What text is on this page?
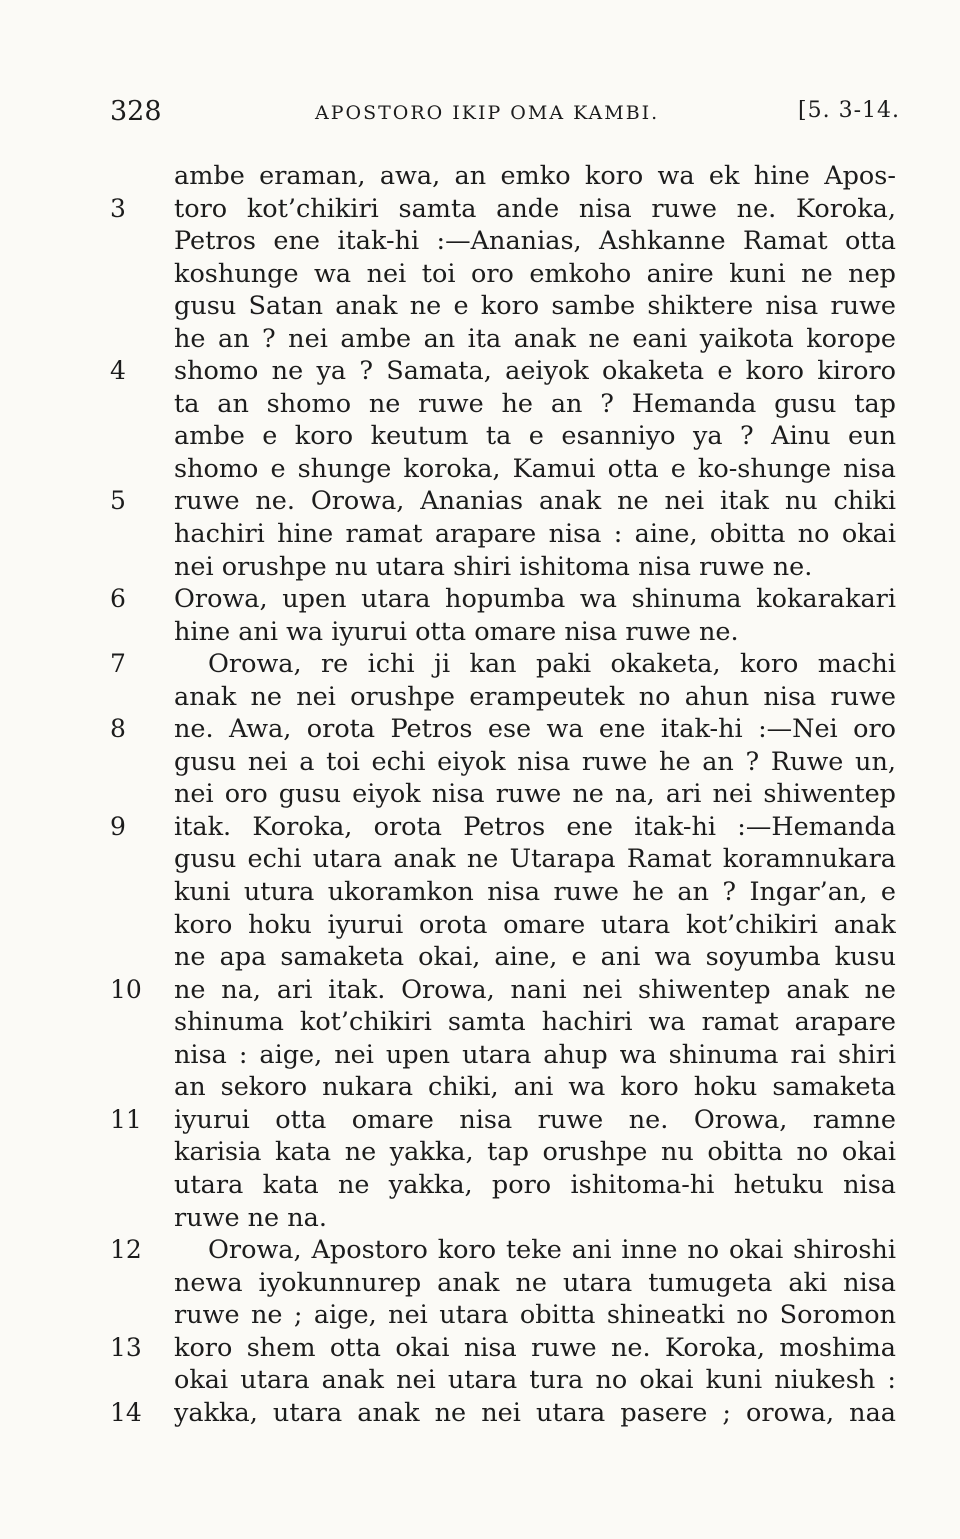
328	APOSTORO IKIP OMA KAMBI.	[5. 3-14.
ambe eraman, awa, an emko koro wa ek hine Apos-
3	toro kot’chikiri samta ande nisa ruwe ne. Koroka,
Petros ene itak-hi :—Ananias, Ashkanne Ramat otta
koshunge wa nei toi oro emkoho anire kuni ne nep
gusu Satan anak ne e koro sambe shiktere nisa ruwe
he an ? nei ambe an ita anak ne eani yaikota korope
4	shomo ne ya ? Samata, aeiyok okaketa e koro kiroro
ta an shomo ne ruwe he an ? Hemanda gusu tap
ambe e koro keutum ta e esanniyo ya ? Ainu eun
shomo e shunge koroka, Kamui otta e ko-shunge nisa
5	ruwe ne. Orowa, Ananias anak ne nei itak nu chiki
hachiri hine ramat arapare nisa : aine, obitta no okai
nei orushpe nu utara shiri ishitoma nisa ruwe ne.
6	Orowa, upen utara hopumba wa shinuma kokarakari
hine ani wa iyurui otta omare nisa ruwe ne.
7	Orowa, re ichi ji kan paki okaketa, koro machi
anak ne nei orushpe erampeutek no ahun nisa ruwe
8	ne. Awa, orota Petros ese wa ene itak-hi :—Nei oro
gusu nei a toi echi eiyok nisa ruwe he an ? Ruwe un,
nei oro gusu eiyok nisa ruwe ne na, ari nei shiwentep
9	itak. Koroka, orota Petros ene itak-hi :—Hemanda
gusu echi utara anak ne Utarapa Ramat koramnukara
kuni utura ukoramkon nisa ruwe he an ? Ingar’an, e
koro hoku iyurui orota omare utara kot’chikiri anak
ne apa samaketa okai, aine, e ani wa soyumba kusu
10	ne na, ari itak. Orowa, nani nei shiwentep anak ne
shinuma kot’chikiri samta hachiri wa ramat arapare
nisa : aige, nei upen utara ahup wa shinuma rai shiri
an sekoro nukara chiki, ani wa koro hoku samaketa
11	iyurui otta omare nisa ruwe ne. Orowa, ramne
karisia kata ne yakka, tap orushpe nu obitta no okai
utara kata ne yakka, poro ishitoma-hi hetuku nisa
ruwe ne na.
12	Orowa, Apostoro koro teke ani inne no okai shiroshi
newa iyokunnurep anak ne utara tumugeta aki nisa
ruwe ne ; aige, nei utara obitta shineatki no Soromon
13	koro shem otta okai nisa ruwe ne. Koroka, moshima
okai utara anak nei utara tura no okai kuni niukesh :
14	yakka, utara anak ne nei utara pasere ; orowa, naa
